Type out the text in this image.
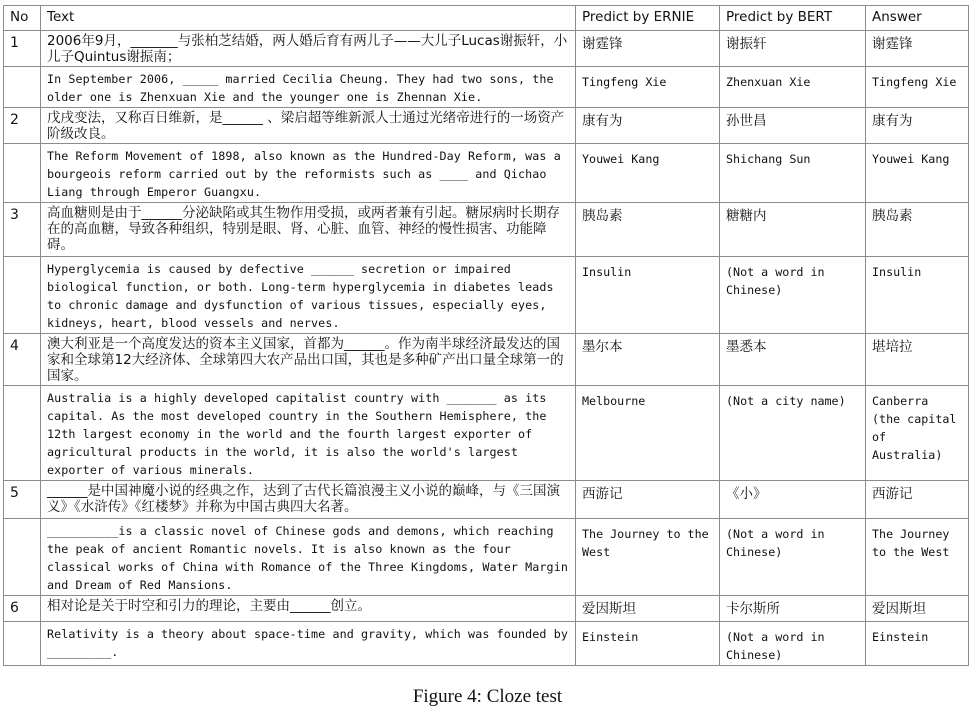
No	Text	Predict by ERNIE	Predict by BERT	Answer
1	2006年9月，_______与张柏芝结婚，两人婚后育有两儿子——大儿子Lucas谢振轩，小儿子Quintus谢振南；	谢霆锋	谢振轩	谢霆锋
	In September 2006, _____ married Cecilia Cheung. They had two sons, the older one is Zhenxuan Xie and the younger one is Zhennan Xie.	Tingfeng Xie	Zhenxuan Xie	Tingfeng Xie
2	戊戌变法，又称百日维新，是______ 、梁启超等维新派人士通过光绪帝进行的一场资产阶级改良。	康有为	孙世昌	康有为
	The Reform Movement of 1898, also known as the Hundred-Day Reform, was a bourgeois reform carried out by the reformists such as ____ and Qichao Liang through Emperor Guangxu.	Youwei Kang	Shichang Sun	Youwei Kang
3	高血糖则是由于______分泌缺陷或其生物作用受损，或两者兼有引起。糖尿病时长期存在的高血糖，导致各种组织，特别是眼、肾、心脏、血管、神经的慢性损害、功能障碍。	胰岛素	糖糖内	胰岛素
	Hyperglycemia is caused by defective ______ secretion or impaired biological function, or both. Long-term hyperglycemia in diabetes leads to chronic damage and dysfunction of various tissues, especially eyes, kidneys, heart, blood vessels and nerves.	Insulin	(Not a word in Chinese)	Insulin
4	澳大利亚是一个高度发达的资本主义国家，首都为______。作为南半球经济最发达的国家和全球第12大经济体、全球第四大农产品出口国，其也是多种矿产出口量全球第一的国家。	墨尔本	墨悉本	堪培拉
	Australia is a highly developed capitalist country with _______ as its capital. As the most developed country in the Southern Hemisphere, the 12th largest economy in the world and the fourth largest exporter of agricultural products in the world, it is also the world's largest exporter of various minerals.	Melbourne	(Not a city name)	Canberra (the capital of Australia)
5	______是中国神魔小说的经典之作，达到了古代长篇浪漫主义小说的巅峰，与《三国演义》《水浒传》《红楼梦》并称为中国古典四大名著。	西游记	《小》	西游记
	__________is a classic novel of Chinese gods and demons, which reaching the peak of ancient Romantic novels. It is also known as the four classical works of China with Romance of the Three Kingdoms, Water Margin and Dream of Red Mansions.	The Journey to the West	(Not a word in Chinese)	The Journey to the West
6	相对论是关于时空和引力的理论，主要由______创立。	爱因斯坦	卡尔斯所	爱因斯坦
	Relativity is a theory about space-time and gravity, which was founded by _________.	Einstein	(Not a word in Chinese)	Einstein
Figure 4: Cloze test
